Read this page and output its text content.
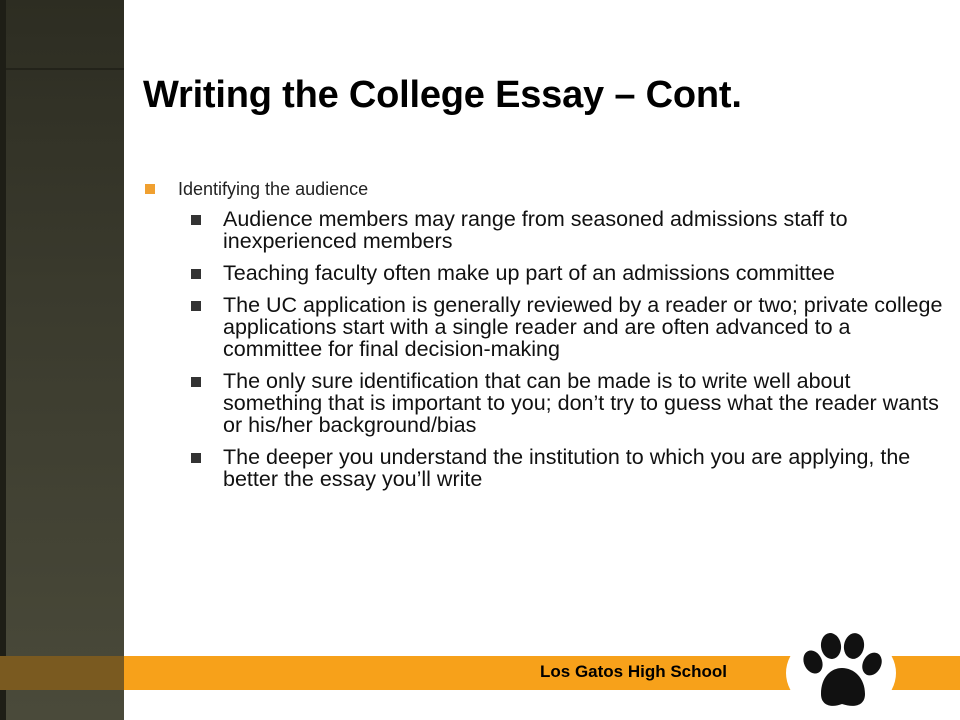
Writing the College Essay – Cont.
Identifying the audience
Audience members may range from seasoned admissions staff to inexperienced members
Teaching faculty often make up part of an admissions committee
The UC application is generally reviewed by a reader or two; private college applications start with a single reader and are often advanced to a committee for final decision-making
The only sure identification that can be made is to write well about something that is important to you; don’t try to guess what the reader wants or his/her background/bias
The deeper you understand the institution to which you are applying, the better the essay you’ll write
Los Gatos High School
